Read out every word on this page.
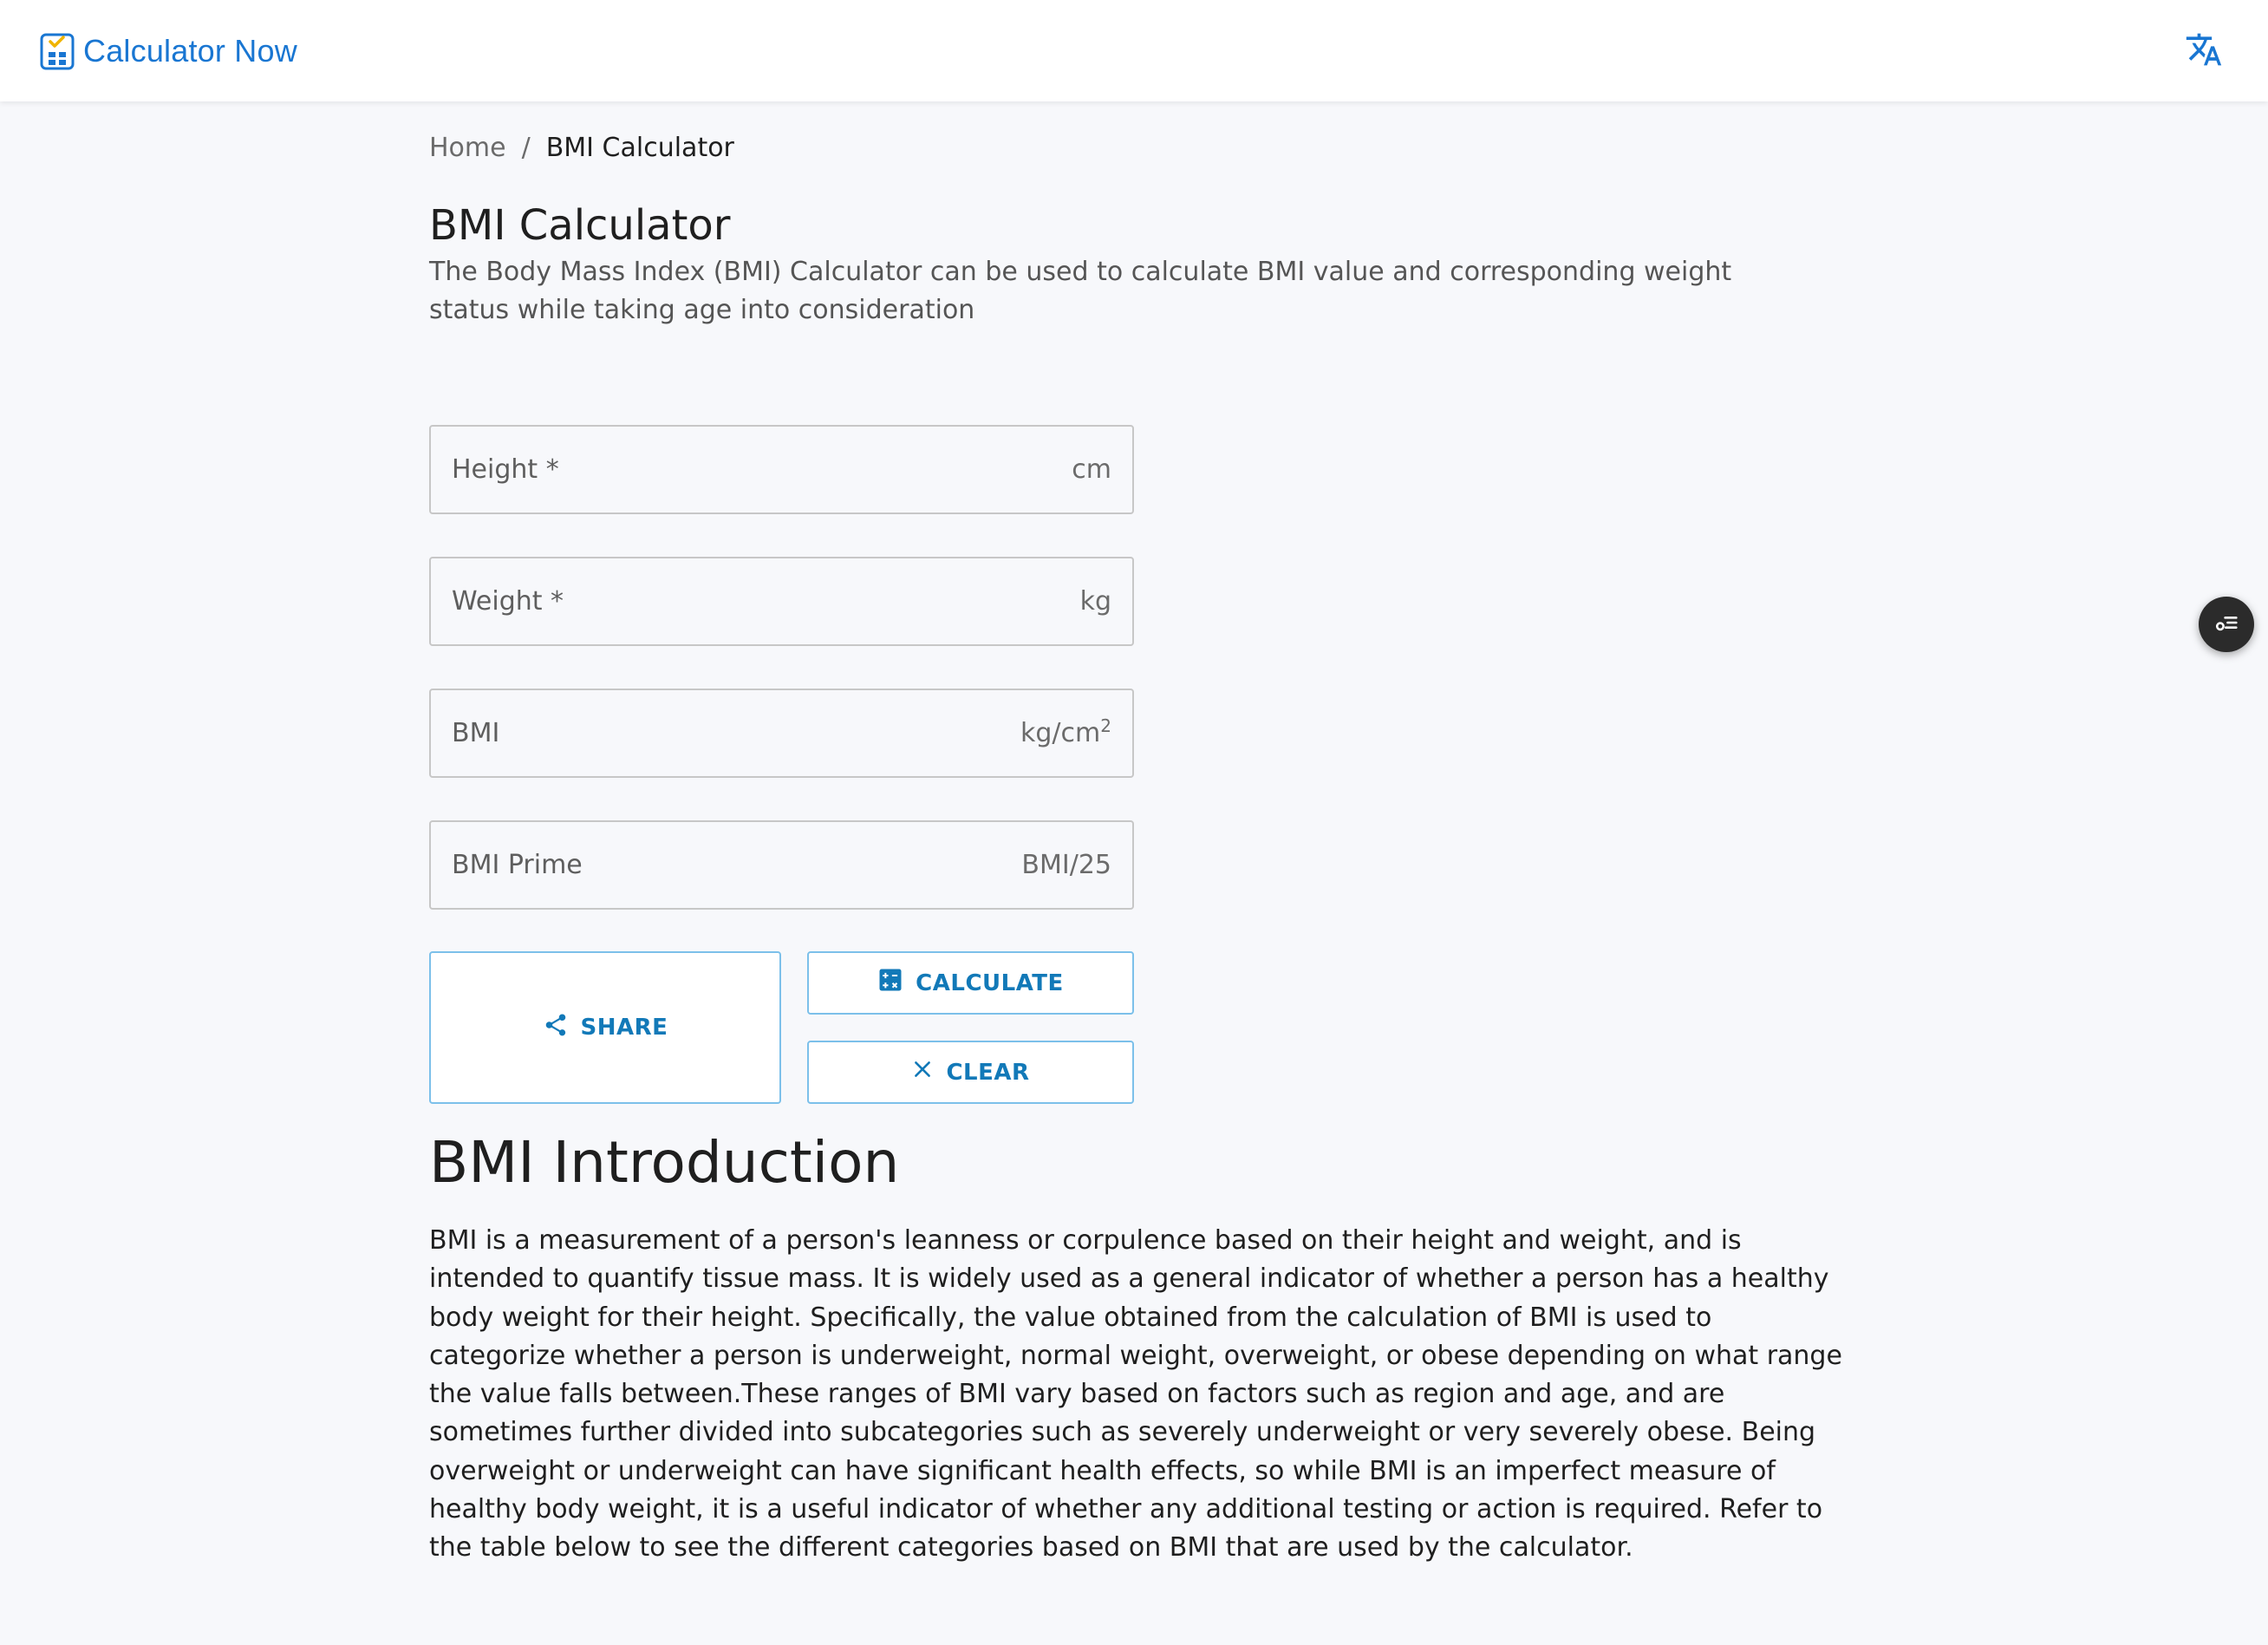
Calculator Now
Home / BMI Calculator
BMI Calculator

The Body Mass Index (BMI) Calculator can be used to calculate BMI value and corresponding weight status while taking age into consideration

Height *
cm
Weight *
kg
BMI
$kg/cm^2$
BMI Prime
BMI/25
SHARE
CALCULATE
CLEAR
BMI Introduction

BMI is a measurement of a person's leanness or corpulence based on their height and weight, and is intended to quantify tissue mass. It is widely used as a general indicator of whether a person has a healthy body weight for their height. Specifically, the value obtained from the calculation of BMI is used to categorize whether a person is underweight, normal weight, overweight, or obese depending on what range the value falls between.These ranges of BMI vary based on factors such as region and age, and are sometimes further divided into subcategories such as severely underweight or very severely obese. Being overweight or underweight can have significant health effects, so while BMI is an imperfect measure of healthy body weight, it is a useful indicator of whether any additional testing or action is required. Refer to the table below to see the different categories based on BMI that are used by the calculator.
